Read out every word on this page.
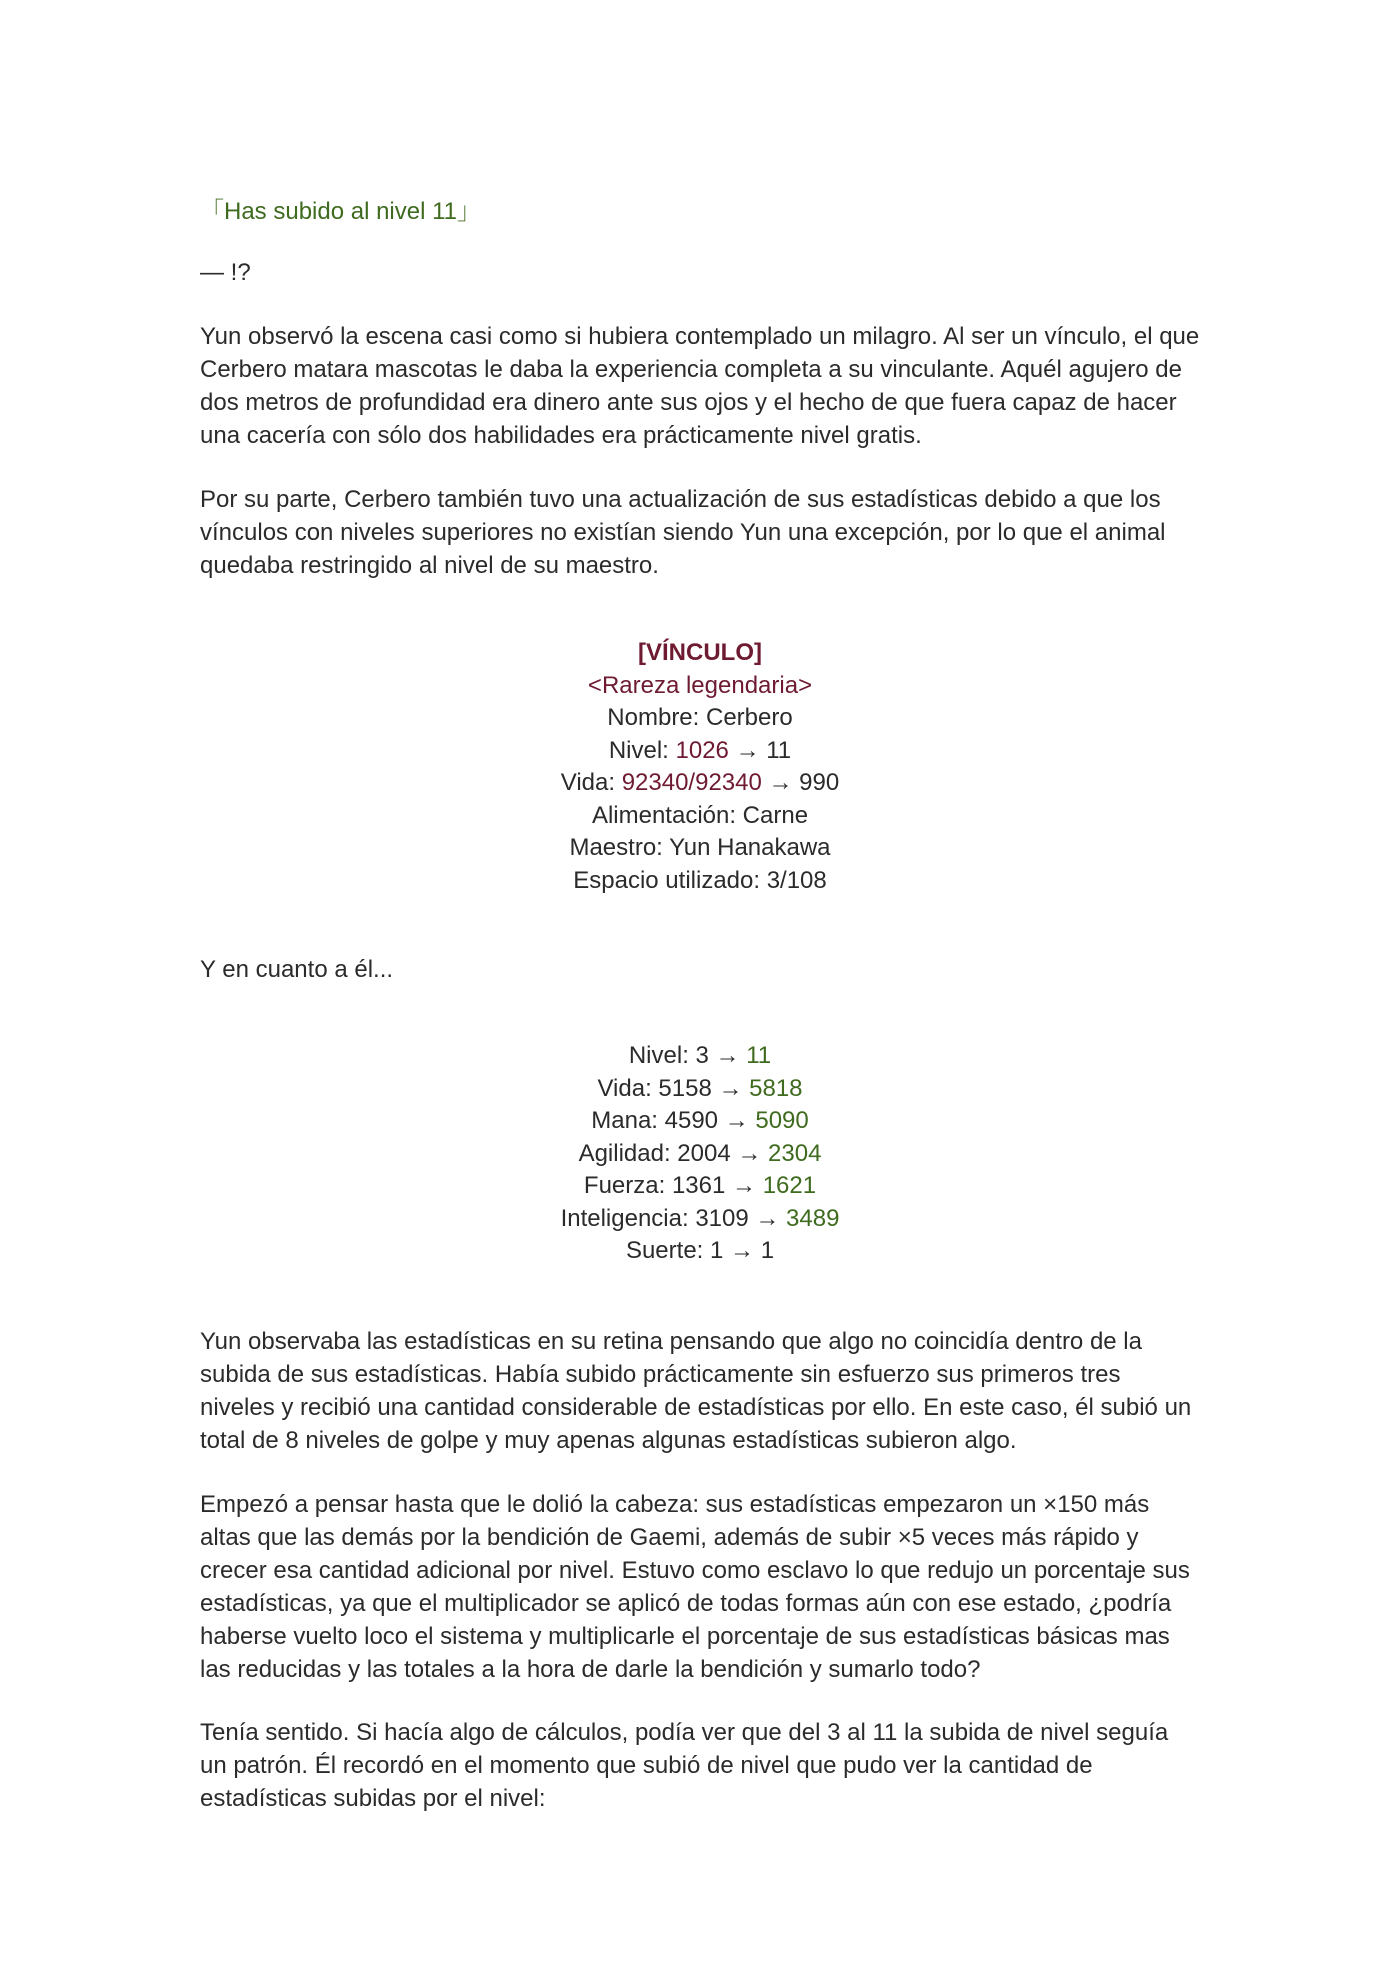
「Has subido al nivel 11」

— !?

Yun observó la escena casi como si hubiera contemplado un milagro. Al ser un vínculo, el que Cerbero matara mascotas le daba la experiencia completa a su vinculante. Aquél agujero de dos metros de profundidad era dinero ante sus ojos y el hecho de que fuera capaz de hacer una cacería con sólo dos habilidades era prácticamente nivel gratis.

Por su parte, Cerbero también tuvo una actualización de sus estadísticas debido a que los vínculos con niveles superiores no existían siendo Yun una excepción, por lo que el animal quedaba restringido al nivel de su maestro.

[VÍNCULO]
<Rareza legendaria>
Nombre: Cerbero
Nivel: 1026 → 11
Vida: 92340/92340 → 990
Alimentación: Carne
Maestro: Yun Hanakawa
Espacio utilizado: 3/108

Y en cuanto a él...

Nivel: 3 → 11
Vida: 5158 → 5818
Mana: 4590 → 5090
Agilidad: 2004 → 2304
Fuerza: 1361 → 1621
Inteligencia: 3109 → 3489
Suerte: 1 → 1

Yun observaba las estadísticas en su retina pensando que algo no coincidía dentro de la subida de sus estadísticas. Había subido prácticamente sin esfuerzo sus primeros tres niveles y recibió una cantidad considerable de estadísticas por ello. En este caso, él subió un total de 8 niveles de golpe y muy apenas algunas estadísticas subieron algo.

Empezó a pensar hasta que le dolió la cabeza: sus estadísticas empezaron un ×150 más altas que las demás por la bendición de Gaemi, además de subir ×5 veces más rápido y crecer esa cantidad adicional por nivel. Estuvo como esclavo lo que redujo un porcentaje sus estadísticas, ya que el multiplicador se aplicó de todas formas aún con ese estado, ¿podría haberse vuelto loco el sistema y multiplicarle el porcentaje de sus estadísticas básicas mas las reducidas y las totales a la hora de darle la bendición y sumarlo todo?

Tenía sentido. Si hacía algo de cálculos, podía ver que del 3 al 11 la subida de nivel seguía un patrón. Él recordó en el momento que subió de nivel que pudo ver la cantidad de estadísticas subidas por el nivel:
